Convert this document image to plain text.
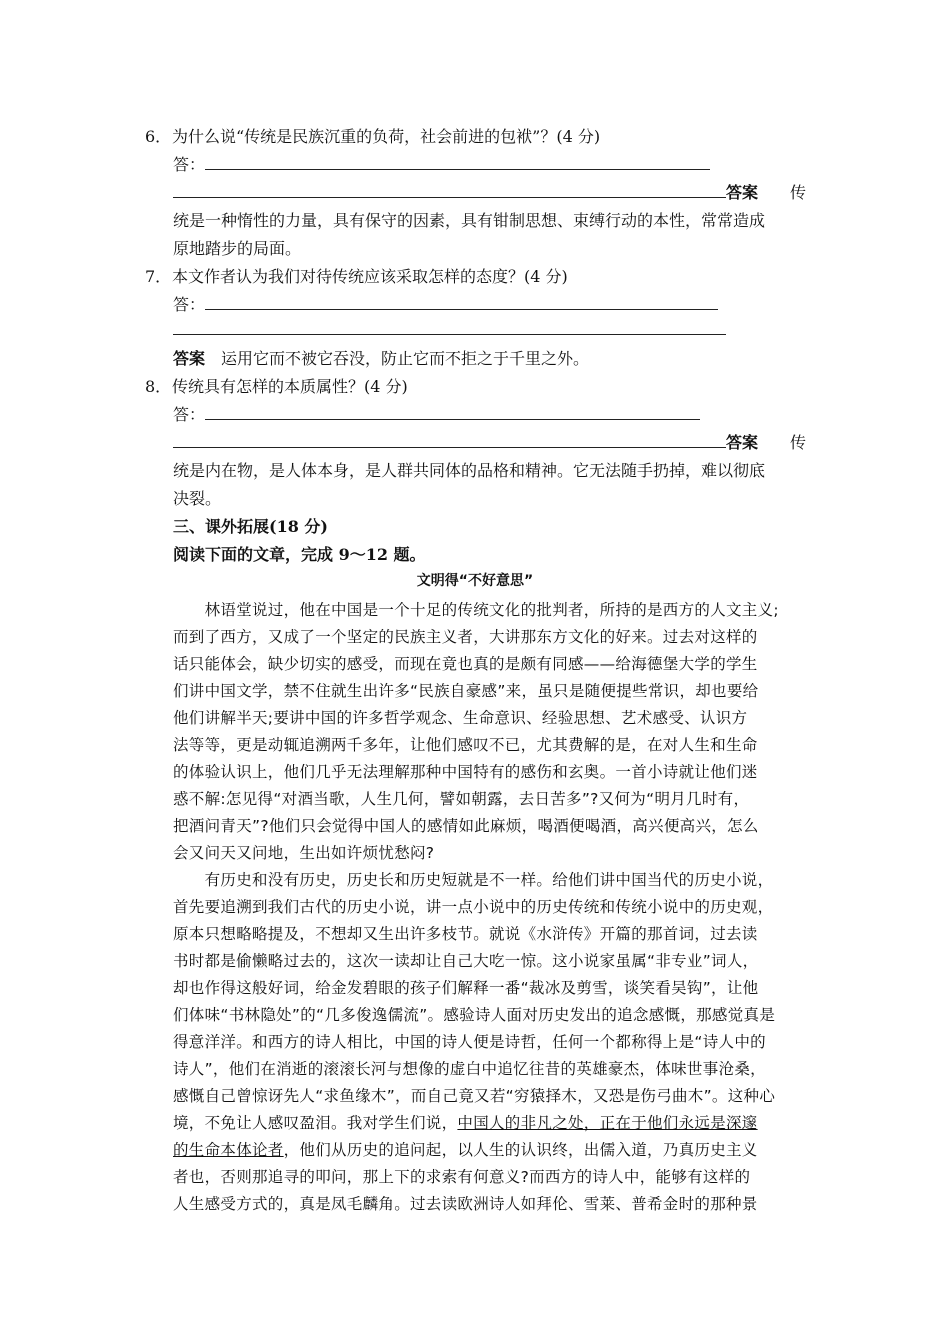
6．为什么说“传统是民族沉重的负荷，社会前进的包袱”？(4 分)
答：
答案 传
统是一种惰性的力量，具有保守的因素，具有钳制思想、束缚行动的本性，常常造成
原地踏步的局面。
7．本文作者认为我们对待传统应该采取怎样的态度？(4 分)
答：
答案 运用它而不被它吞没，防止它而不拒之于千里之外。
8．传统具有怎样的本质属性？(4 分)
答：
答案 传
统是内在物，是人体本身，是人群共同体的品格和精神。它无法随手扔掉，难以彻底
决裂。
三、课外拓展(18 分)
阅读下面的文章，完成 9～12 题。
文明得“不好意思”
　　林语堂说过，他在中国是一个十足的传统文化的批判者，所持的是西方的人文主义;
而到了西方，又成了一个坚定的民族主义者，大讲那东方文化的好来。过去对这样的
话只能体会，缺少切实的感受，而现在竟也真的是颇有同感——给海德堡大学的学生
们讲中国文学，禁不住就生出许多“民族自豪感”来，虽只是随便提些常识，却也要给
他们讲解半天;要讲中国的许多哲学观念、生命意识、经验思想、艺术感受、认识方
法等等，更是动辄追溯两千多年，让他们感叹不已，尤其费解的是，在对人生和生命
的体验认识上，他们几乎无法理解那种中国特有的感伤和玄奥。一首小诗就让他们迷
惑不解:怎见得“对酒当歌，人生几何，譬如朝露，去日苦多”?又何为“明月几时有，
把酒问青天”?他们只会觉得中国人的感情如此麻烦，喝酒便喝酒，高兴便高兴，怎么
会又问天又问地，生出如许烦忧愁闷?
　　有历史和没有历史，历史长和历史短就是不一样。给他们讲中国当代的历史小说，
首先要追溯到我们古代的历史小说，讲一点小说中的历史传统和传统小说中的历史观，
原本只想略略提及，不想却又生出许多枝节。就说《水浒传》开篇的那首词，过去读
书时都是偷懒略过去的，这次一读却让自己大吃一惊。这小说家虽属“非专业”词人，
却也作得这般好词，给金发碧眼的孩子们解释一番“裁冰及剪雪，谈笑看吴钩”，让他
们体味“书林隐处”的“几多俊逸儒流”。感验诗人面对历史发出的追念感慨，那感觉真是
得意洋洋。和西方的诗人相比，中国的诗人便是诗哲，任何一个都称得上是“诗人中的
诗人”，他们在消逝的滚滚长河与想像的虚白中追忆往昔的英雄豪杰，体味世事沧桑，
感慨自己曾惊讶先人“求鱼缘木”，而自己竟又若“穷猿择木，又恐是伤弓曲木”。这种心
境，不免让人感叹盈泪。我对学生们说，中国人的非凡之处，正在于他们永远是深邃
的生命本体论者，他们从历史的追问起，以人生的认识终，出儒入道，乃真历史主义
者也，否则那追寻的叩问，那上下的求索有何意义?而西方的诗人中，能够有这样的
人生感受方式的，真是凤毛麟角。过去读欧洲诗人如拜伦、雪莱、普希金时的那种景
